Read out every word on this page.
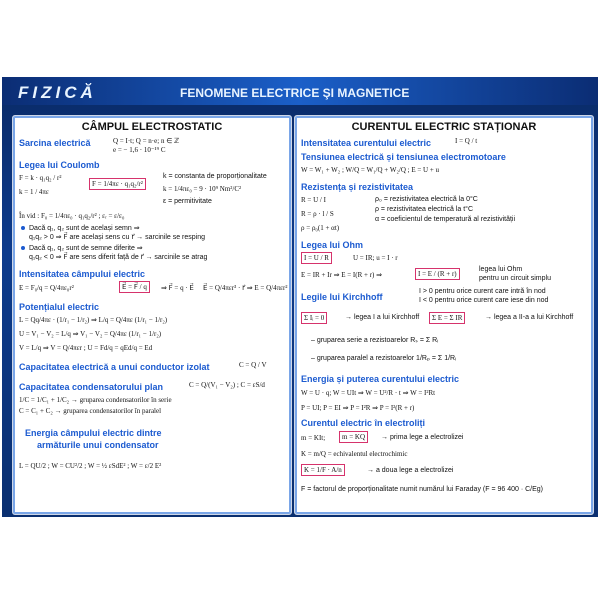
FIZICĂ	FENOMENE ELECTRICE ŞI MAGNETICE
CÂMPUL ELECTROSTATIC
Sarcina electrică	Q = I·t; Q = n·e; n ∈ ℤ
e = − 1,6 · 10⁻¹⁹ C
Legea lui Coulomb
F = k · q₁q₂ / r²
k = 1 / 4πε
F = 1/4πε · q₁q₂/r²
k = constanta de proporționalitate
k = 1/4πε₀ = 9 · 10⁹ Nm²/C²
ε = permitivitate
În vid : F₀ = 1/4πε₀ · q₁q₂/r² ; εᵣ = ε/ε₀
Dacă q₁, q₂ sunt de același semn ⇒
q₁q₂ > 0 ⇒ F⃗ are același sens cu r⃗ → sarcinile se resping
Dacă q₁, q₂ sunt de semne diferite ⇒
q₁q₂ < 0 ⇒ F⃗ are sens diferit față de r⃗ → sarcinile se atrag
Intensitatea câmpului electric
E = F₀/q = Q/4πε₀r²	E⃗ = F⃗ / q	⇒ F⃗ = q · E⃗ E⃗ = Q/4πεr³ · r⃗ ⇒ E = Q/4πεr²
Potențialul electric
L = Qq/4πε · (1/r₁ − 1/r₂) ⇒ L/q = Q/4πε (1/r₁ − 1/r₂)
U = V₁ − V₂ = L/q ⇒ V₁ − V₂ = Q/4πε (1/r₁ − 1/r₂)
V = L/q ⇒ V = Q/4πεr ; U = Fd/q = qEd/q = Ed
Capacitatea electrică a unui conductor izolat	C = Q / V
Capacitatea condensatorului plan	C = Q/(V₁ − V₂) ; C = εS/d
1/C = 1/C₁ + 1/C₂ → gruparea condensatorilor în serie
C = C₁ + C₂ → gruparea condensatorilor în paralel
Energia câmpului electric dintre
armăturile unui condensator
L = QU/2 ; W = CU²/2 ; W = ½ εSdE² ; W = ε/2 E²
CURENTUL ELECTRIC STAȚIONAR
Intensitatea curentului electric	I = Q / t
Tensiunea electrică și tensiunea electromotoare
W = W₁ + W₂ ; W/Q = W₁/Q + W₂/Q ; E = U + u
Rezistența și rezistivitatea
R = U / I
R = ρ · l / S
ρ = ρ₀(1 + αt)
ρ₀ = rezistivitatea electrică la 0°C
ρ = rezistivitatea electrică la t°C
α = coeficientul de temperatură al rezistivității
Legea lui Ohm
I = U / R	U = IR; u = I · r
E = IR + Ir ⇒ E = I(R + r) ⇒	I = E / (R + r)
legea lui Ohm
pentru un circuit simplu
Legile lui Kirchhoff
I > 0 pentru orice curent care intră în nod
I < 0 pentru orice curent care iese din nod
Σ Iᵢ = 0	→ legea I a lui Kirchhoff	Σ E = Σ IR	→ legea a II-a a lui Kirchhoff
– gruparea serie a rezistoarelor Rₛ = Σ Rᵢ
– gruparea paralel a rezistoarelor 1/Rₚ = Σ 1/Rᵢ
Energia și puterea curentului electric
W = U · q; W = UIt ⇒ W = U²/R · t ⇒ W = I²Rt
P = UI; P = EI ⇒ P = I²R ⇒ P = I²(R + r)
Curentul electric în electroliți
m = KIt;	m = KQ	→ prima lege a electrolizei
K = m/Q = echivalentul electrochimic
K = 1/F · A/n	→ a doua lege a electrolizei
F = factorul de proporționalitate numit numărul lui Faraday (F = 96 400 · C/Eg)
